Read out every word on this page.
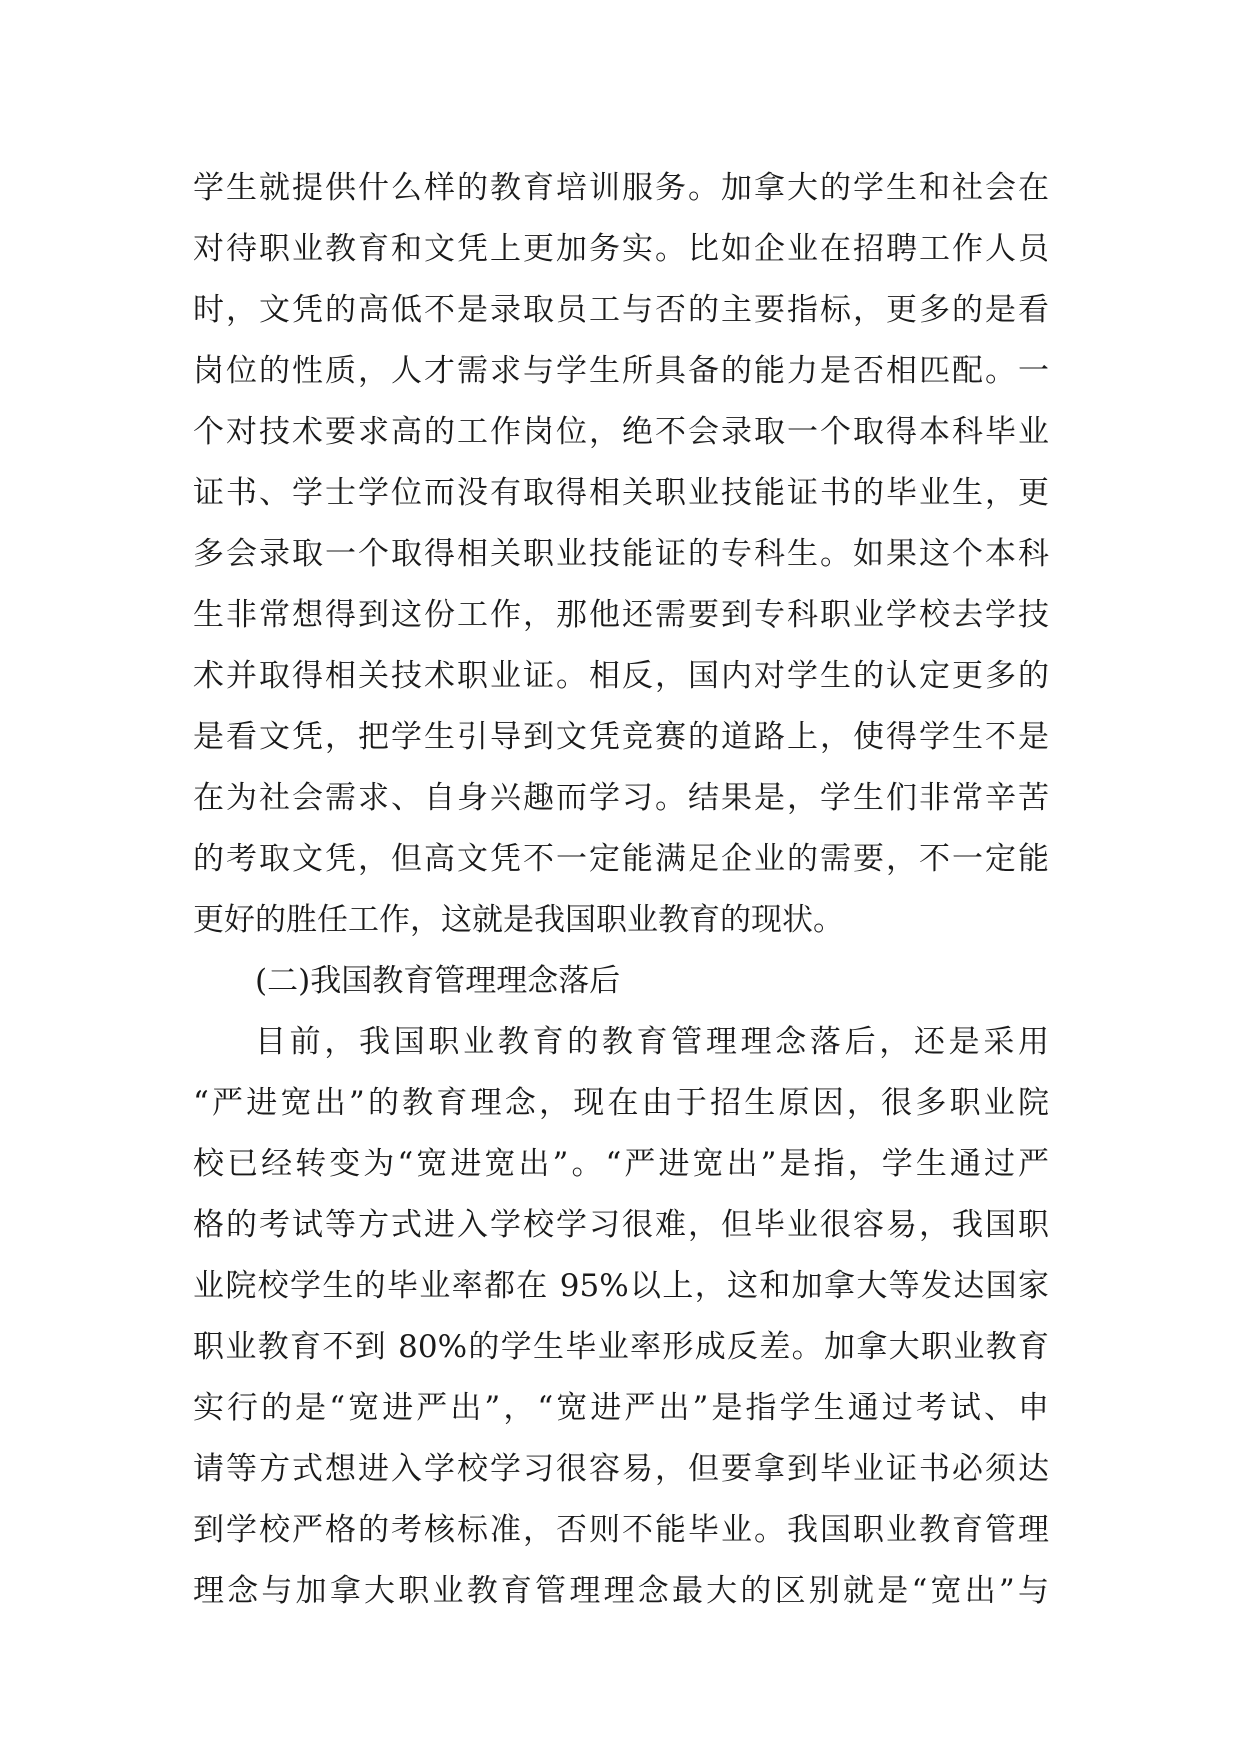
学生就提供什么样的教育培训服务。加拿大的学生和社会在
对待职业教育和文凭上更加务实。比如企业在招聘工作人员
时，文凭的高低不是录取员工与否的主要指标，更多的是看
岗位的性质，人才需求与学生所具备的能力是否相匹配。一
个对技术要求高的工作岗位，绝不会录取一个取得本科毕业
证书、学士学位而没有取得相关职业技能证书的毕业生，更
多会录取一个取得相关职业技能证的专科生。如果这个本科
生非常想得到这份工作，那他还需要到专科职业学校去学技
术并取得相关技术职业证。相反，国内对学生的认定更多的
是看文凭，把学生引导到文凭竞赛的道路上，使得学生不是
在为社会需求、自身兴趣而学习。结果是，学生们非常辛苦
的考取文凭，但高文凭不一定能满足企业的需要，不一定能
更好的胜任工作，这就是我国职业教育的现状。
(二)我国教育管理理念落后
目前，我国职业教育的教育管理理念落后，还是采用
“严进宽出”的教育理念，现在由于招生原因，很多职业院
校已经转变为“宽进宽出”。“严进宽出”是指，学生通过严
格的考试等方式进入学校学习很难，但毕业很容易，我国职
业院校学生的毕业率都在 95%以上，这和加拿大等发达国家
职业教育不到 80%的学生毕业率形成反差。加拿大职业教育
实行的是“宽进严出”，“宽进严出”是指学生通过考试、申
请等方式想进入学校学习很容易，但要拿到毕业证书必须达
到学校严格的考核标准，否则不能毕业。我国职业教育管理
理念与加拿大职业教育管理理念最大的区别就是“宽出”与
